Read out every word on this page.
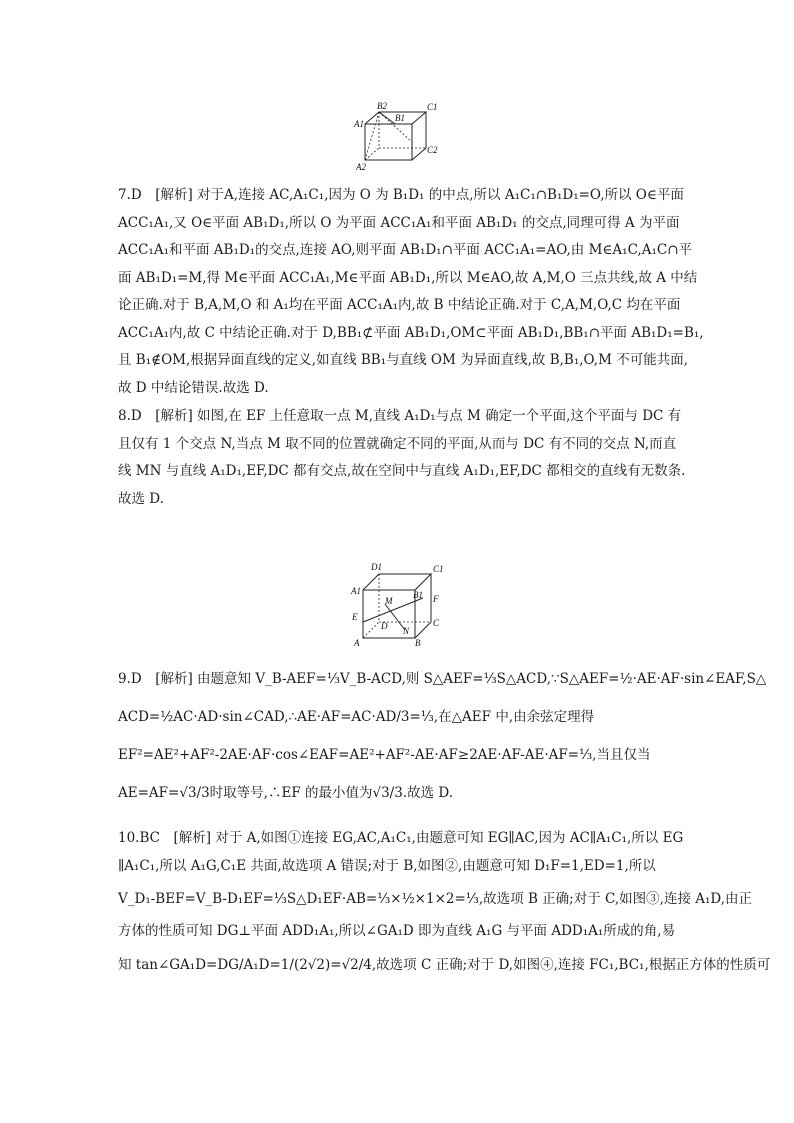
B2
B1
C1
A1
C2
A2
7.D　[解析] 对于A,连接 AC,A₁C₁,因为 O 为 B₁D₁ 的中点,所以 A₁C₁∩B₁D₁=O,所以 O∈平面
ACC₁A₁,又 O∈平面 AB₁D₁,所以 O 为平面 ACC₁A₁和平面 AB₁D₁ 的交点,同理可得 A 为平面
ACC₁A₁和平面 AB₁D₁的交点,连接 AO,则平面 AB₁D₁∩平面 ACC₁A₁=AO,由 M∈A₁C,A₁C∩平
面 AB₁D₁=M,得 M∈平面 ACC₁A₁,M∈平面 AB₁D₁,所以 M∈AO,故 A,M,O 三点共线,故 A 中结
论正确.对于 B,A,M,O 和 A₁均在平面 ACC₁A₁内,故 B 中结论正确.对于 C,A,M,O,C 均在平面
ACC₁A₁内,故 C 中结论正确.对于 D,BB₁⊄平面 AB₁D₁,OM⊂平面 AB₁D₁,BB₁∩平面 AB₁D₁=B₁,
且 B₁∉OM,根据异面直线的定义,如直线 BB₁与直线 OM 为异面直线,故 B,B₁,O,M 不可能共面,
故 D 中结论错误.故选 D.
8.D　[解析] 如图,在 EF 上任意取一点 M,直线 A₁D₁与点 M 确定一个平面,这个平面与 DC 有
且仅有 1 个交点 N,当点 M 取不同的位置就确定不同的平面,从而与 DC 有不同的交点 N,而直
线 MN 与直线 A₁D₁,EF,DC 都有交点,故在空间中与直线 A₁D₁,EF,DC 都相交的直线有无数条.
故选 D.
D1	C1
A1	B1
M	F
E
D N
C
A	B
9.D　[解析] 由题意知 V_B-AEF=⅓V_B-ACD,则 S△AEF=⅓S△ACD,∵S△AEF=½·AE·AF·sin∠EAF,S△
ACD=½AC·AD·sin∠CAD,∴AE·AF=AC·AD/3=⅓,在△AEF 中,由余弦定理得
EF²=AE²+AF²-2AE·AF·cos∠EAF=AE²+AF²-AE·AF≥2AE·AF-AE·AF=⅓,当且仅当
AE=AF=√3/3时取等号,∴EF 的最小值为√3/3.故选 D.
10.BC　[解析] 对于 A,如图①连接 EG,AC,A₁C₁,由题意可知 EG∥AC,因为 AC∥A₁C₁,所以 EG
∥A₁C₁,所以 A₁G,C₁E 共面,故选项 A 错误;对于 B,如图②,由题意可知 D₁F=1,ED=1,所以
V_D₁-BEF=V_B-D₁EF=⅓S△D₁EF·AB=⅓×½×1×2=⅓,故选项 B 正确;对于 C,如图③,连接 A₁D,由正
方体的性质可知 DG⊥平面 ADD₁A₁,所以∠GA₁D 即为直线 A₁G 与平面 ADD₁A₁所成的角,易
知 tan∠GA₁D=DG/A₁D=1/(2√2)=√2/4,故选项 C 正确;对于 D,如图④,连接 FC₁,BC₁,根据正方体的性质可
